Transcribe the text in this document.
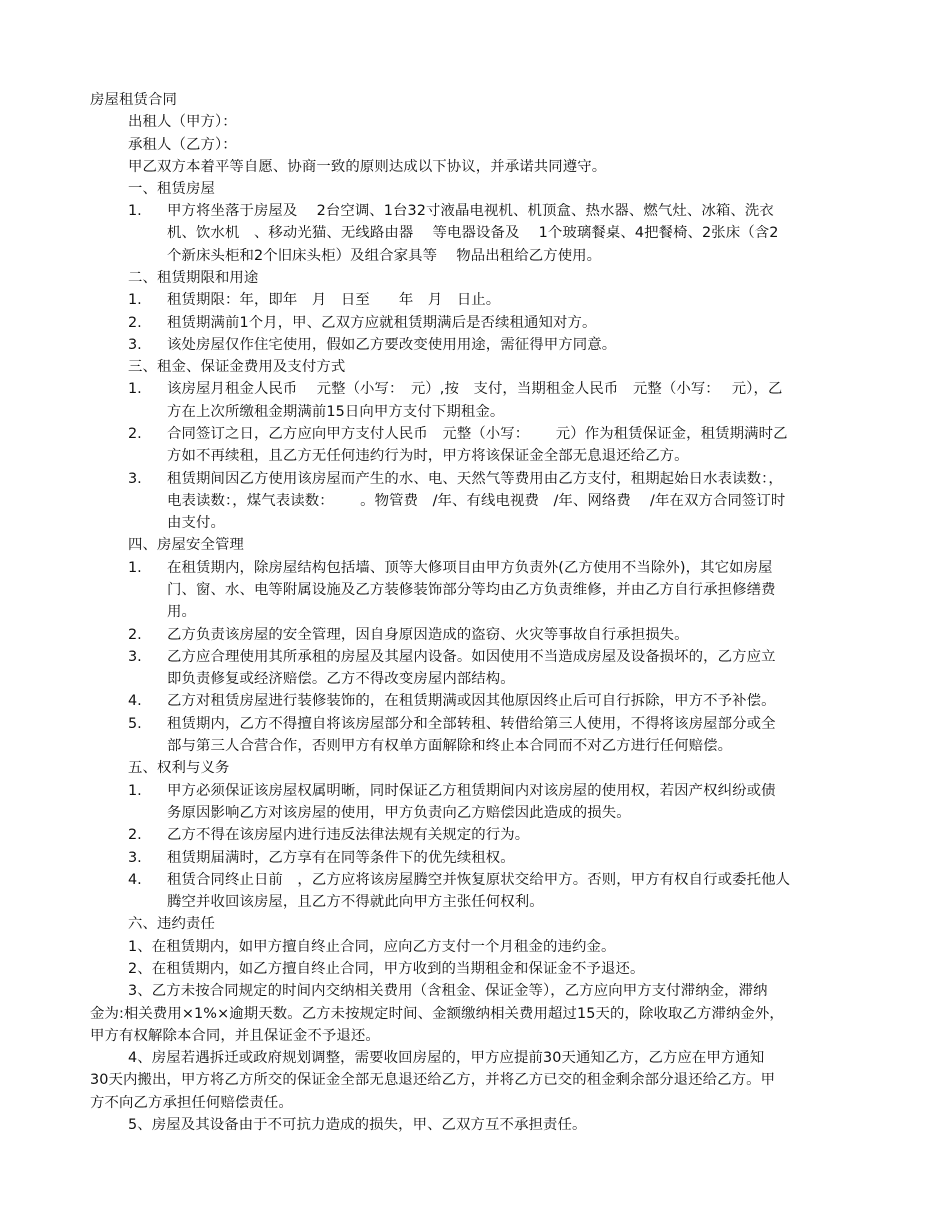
房屋租赁合同

出租人（甲方）：

承租人（乙方）：

甲乙双方本着平等自愿、协商一致的原则达成以下协议，并承诺共同遵守。

一、租赁房屋

1. 甲方将坐落于房屋及　 2台空调、1台32寸液晶电视机、机顶盒、热水器、燃气灶、冰箱、洗衣

机、饮水机　、移动光猫、无线路由器　 等电器设备及　 1个玻璃餐桌、4把餐椅、2张床（含2

个新床头柜和2个旧床头柜）及组合家具等　 物品出租给乙方使用。

二、租赁期限和用途

1. 租赁期限：年，即年　月　日至　　年　月　日止。

2. 租赁期满前1个月，甲、乙双方应就租赁期满后是否续租通知对方。

3. 该处房屋仅作住宅使用，假如乙方要改变使用用途，需征得甲方同意。

三、租金、保证金费用及支付方式

1. 该房屋月租金人民币　 元整（小写：　元）,按　支付，当期租金人民币　元整（小写：　 元），乙

方在上次所缴租金期满前15日向甲方支付下期租金。

2. 合同签订之日，乙方应向甲方支付人民币　元整（小写：　　 元）作为租赁保证金，租赁期满时乙

方如不再续租，且乙方无任何违约行为时，甲方将该保证金全部无息退还给乙方。

3. 租赁期间因乙方使用该房屋而产生的水、电、天然气等费用由乙方支付，租期起始日水表读数：，

电表读数：，煤气表读数：　　 。物管费　/年、有线电视费　/年、网络费　 /年在双方合同签订时

由支付。

四、房屋安全管理

1. 在租赁期内，除房屋结构包括墙、顶等大修项目由甲方负责外(乙方使用不当除外)，其它如房屋

门、窗、水、电等附属设施及乙方装修装饰部分等均由乙方负责维修，并由乙方自行承担修缮费

用。

2. 乙方负责该房屋的安全管理，因自身原因造成的盗窃、火灾等事故自行承担损失。

3. 乙方应合理使用其所承租的房屋及其屋内设备。如因使用不当造成房屋及设备损坏的，乙方应立

即负责修复或经济赔偿。乙方不得改变房屋内部结构。

4. 乙方对租赁房屋进行装修装饰的，在租赁期满或因其他原因终止后可自行拆除，甲方不予补偿。

5. 租赁期内，乙方不得擅自将该房屋部分和全部转租、转借给第三人使用，不得将该房屋部分或全

部与第三人合营合作，否则甲方有权单方面解除和终止本合同而不对乙方进行任何赔偿。

五、权利与义务

1. 甲方必须保证该房屋权属明晰，同时保证乙方租赁期间内对该房屋的使用权，若因产权纠纷或债

务原因影响乙方对该房屋的使用，甲方负责向乙方赔偿因此造成的损失。

2. 乙方不得在该房屋内进行违反法律法规有关规定的行为。

3. 租赁期届满时，乙方享有在同等条件下的优先续租权。

4. 租赁合同终止日前　，乙方应将该房屋腾空并恢复原状交给甲方。否则，甲方有权自行或委托他人

腾空并收回该房屋，且乙方不得就此向甲方主张任何权利。

六、违约责任

1、在租赁期内，如甲方擅自终止合同，应向乙方支付一个月租金的违约金。

2、在租赁期内，如乙方擅自终止合同，甲方收到的当期租金和保证金不予退还。

3、乙方未按合同规定的时间内交纳相关费用（含租金、保证金等），乙方应向甲方支付滞纳金，滞纳

金为:相关费用×1%×逾期天数。乙方未按规定时间、金额缴纳相关费用超过15天的，除收取乙方滞纳金外，

甲方有权解除本合同，并且保证金不予退还。

4、房屋若遇拆迁或政府规划调整，需要收回房屋的，甲方应提前30天通知乙方，乙方应在甲方通知

30天内搬出，甲方将乙方所交的保证金全部无息退还给乙方，并将乙方已交的租金剩余部分退还给乙方。甲

方不向乙方承担任何赔偿责任。

5、房屋及其设备由于不可抗力造成的损失，甲、乙双方互不承担责任。
